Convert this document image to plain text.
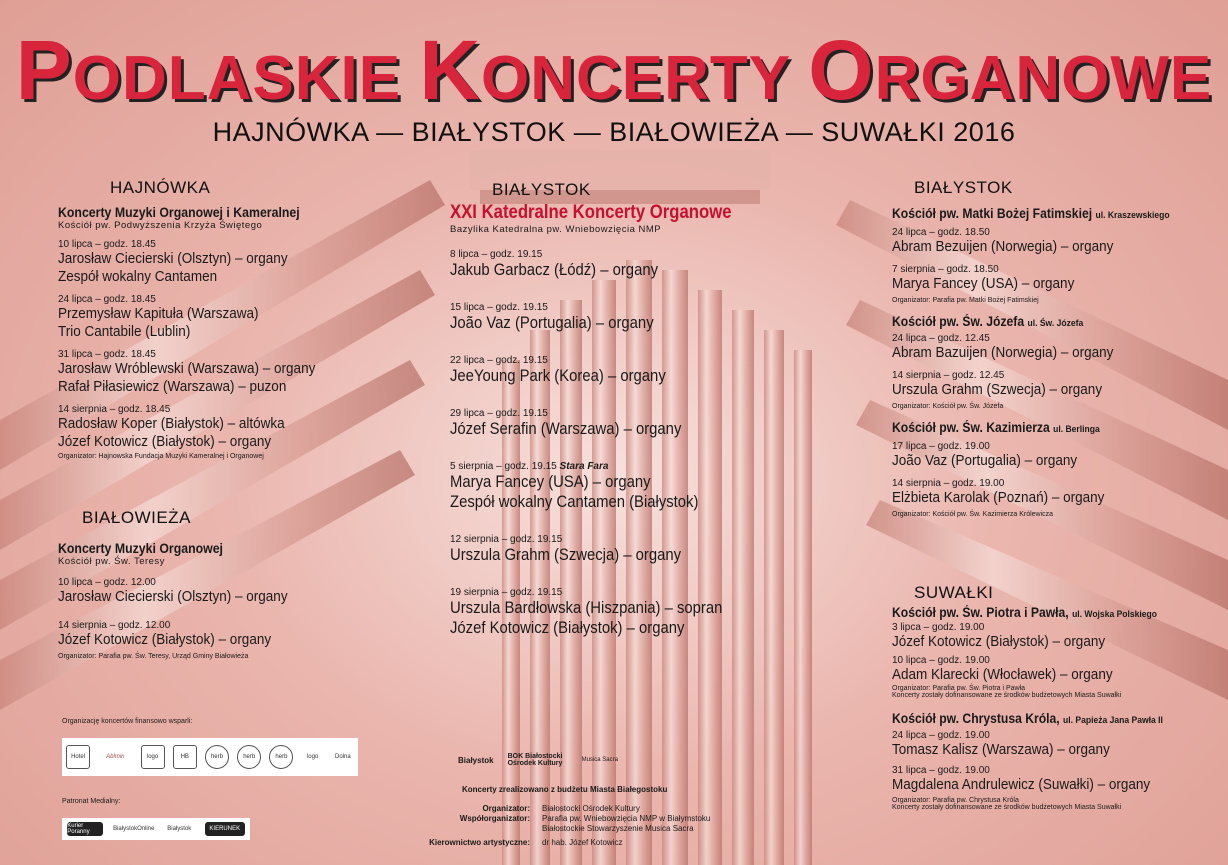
PODLASKIE KONCERTY ORGANOWE
HAJNÓWKA — BIAŁYSTOK — BIAŁOWIEŻA — SUWAŁKI 2016
HAJNÓWKA
Koncerty Muzyki Organowej i Kameralnej
Kościół pw. Podwyższenia Krzyża Świętego
10 lipca – godz. 18.45
Jarosław Ciecierski (Olsztyn) – organy
Zespół wokalny Cantamen
24 lipca – godz. 18.45
Przemysław Kapituła (Warszawa)
Trio Cantabile (Lublin)
31 lipca – godz. 18.45
Jarosław Wróblewski (Warszawa) – organy
Rafał Piłasiewicz (Warszawa) – puzon
14 sierpnia – godz. 18.45
Radosław Koper (Białystok) – altówka
Józef Kotowicz (Białystok) – organy
Organizator: Hajnowska Fundacja Muzyki Kameralnej i Organowej
BIAŁOWIEŻA
Koncerty Muzyki Organowej
Kościół pw. Św. Teresy
10 lipca – godz. 12.00
Jarosław Ciecierski (Olsztyn) – organy
14 sierpnia – godz. 12.00
Józef Kotowicz (Białystok) – organy
Organizator: Parafia pw. Św. Teresy, Urząd Gminy Białowieża
Organizację koncertów finansowo wsparli:
Hotel	Ablmin	logo	HB	herb	herb	herb	logo	Dolna
Patronat Medialny:
Kurier Poranny	BiałystokOnline	Białystok	KIERUNEK
BIAŁYSTOK
XXI Katedralne Koncerty Organowe
Bazylika Katedralna pw. Wniebowzięcia NMP
8 lipca – godz. 19.15
Jakub Garbacz (Łódź) – organy
15 lipca – godz. 19.15
João Vaz (Portugalia) – organy
22 lipca – godz. 19.15
JeeYoung Park (Korea) – organy
29 lipca – godz. 19.15
Józef Serafin (Warszawa) – organy
5 sierpnia – godz. 19.15 Stara Fara
Marya Fancey (USA) – organy
Zespół wokalny Cantamen (Białystok)
12 sierpnia – godz. 19.15
Urszula Grahm (Szwecja) – organy
19 sierpnia – godz. 19.15
Urszula Bardłowska (Hiszpania) – sopran
Józef Kotowicz (Białystok) – organy
Białystok BOK Białostocki Ośrodek Kultury	Musica Sacra
Koncerty zrealizowano z budżetu Miasta Białegostoku
Organizator:	Białostocki Ośrodek Kultury
Współorganizator:	Parafia pw. Wniebowzięcia NMP w Białymstoku
Białostockie Stowarzyszenie Musica Sacra
Kierownictwo artystyczne:	dr hab. Józef Kotowicz
BIAŁYSTOK
Kościół pw. Matki Bożej Fatimskiej ul. Kraszewskiego
24 lipca – godz. 18.50
Abram Bezuijen (Norwegia) – organy
7 sierpnia – godz. 18.50
Marya Fancey (USA) – organy
Organizator: Parafia pw. Matki Bożej Fatimskiej
Kościół pw. Św. Józefa ul. Św. Józefa
24 lipca – godz. 12.45
Abram Bazuijen (Norwegia) – organy
14 sierpnia – godz. 12.45
Urszula Grahm (Szwecja) – organy
Organizator: Kościół pw. Św. Józefa
Kościół pw. Św. Kazimierza ul. Berlinga
17 lipca – godz. 19.00
João Vaz (Portugalia) – organy
14 sierpnia – godz. 19.00
Elżbieta Karolak (Poznań) – organy
Organizator: Kościół pw. Św. Kazimierza Królewicza
SUWAŁKI
Kościół pw. Św. Piotra i Pawła, ul. Wojska Polskiego
3 lipca – godz. 19.00
Józef Kotowicz (Białystok) – organy
10 lipca – godz. 19.00
Adam Klarecki (Włocławek) – organy
Organizator: Parafia pw. Św. Piotra i Pawła
Koncerty zostały dofinansowane ze środków budżetowych Miasta Suwałki
Kościół pw. Chrystusa Króla, ul. Papieża Jana Pawła II
24 lipca – godz. 19.00
Tomasz Kalisz (Warszawa) – organy
31 lipca – godz. 19.00
Magdalena Andrulewicz (Suwałki) – organy
Organizator: Parafia pw. Chrystusa Króla
Koncerty zostały dofinansowane ze środków budżetowych Miasta Suwałki
